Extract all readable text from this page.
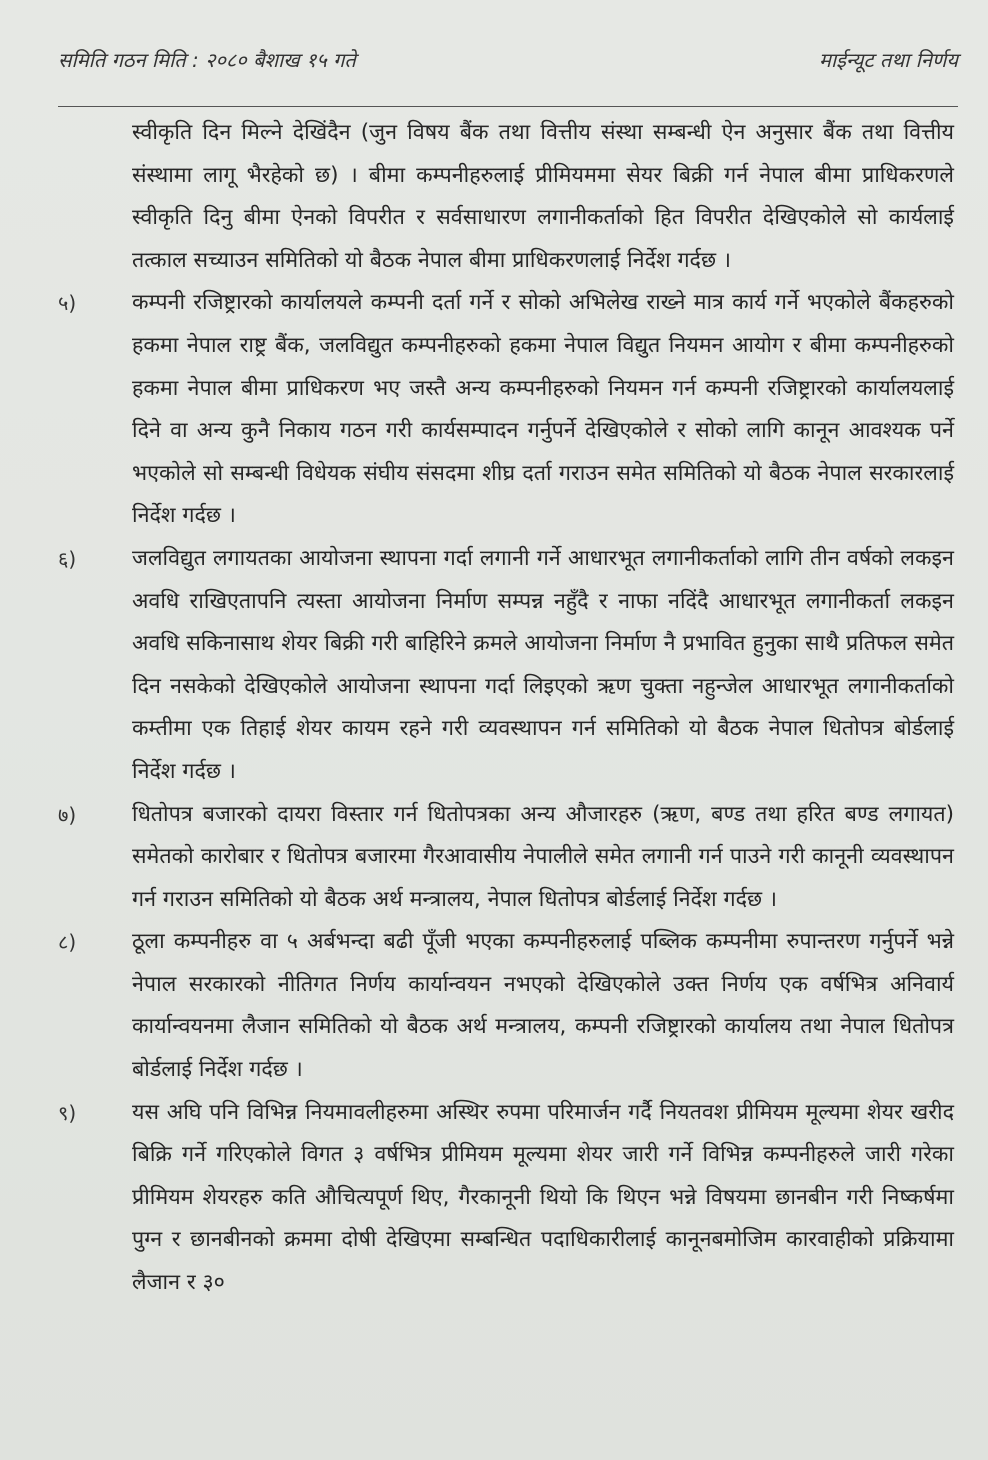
समिति गठन मिति : २०८० बैशाख १५ गते	माईन्यूट तथा निर्णय
स्वीकृति दिन मिल्ने देखिंदैन (जुन विषय बैंक तथा वित्तीय संस्था सम्बन्धी ऐन अनुसार बैंक तथा वित्तीय संस्थामा लागू भैरहेको छ) । बीमा कम्पनीहरुलाई प्रीमियममा सेयर बिक्री गर्न नेपाल बीमा प्राधिकरणले स्वीकृति दिनु बीमा ऐनको विपरीत र सर्वसाधारण लगानीकर्ताको हित विपरीत देखिएकोले सो कार्यलाई तत्काल सच्याउन समितिको यो बैठक नेपाल बीमा प्राधिकरणलाई निर्देश गर्दछ ।
५)	कम्पनी रजिष्ट्रारको कार्यालयले कम्पनी दर्ता गर्ने र सोको अभिलेख राख्ने मात्र कार्य गर्ने भएकोले बैंकहरुको हकमा नेपाल राष्ट्र बैंक, जलविद्युत कम्पनीहरुको हकमा नेपाल विद्युत नियमन आयोग र बीमा कम्पनीहरुको हकमा नेपाल बीमा प्राधिकरण भए जस्तै अन्य कम्पनीहरुको नियमन गर्न कम्पनी रजिष्ट्रारको कार्यालयलाई दिने वा अन्य कुनै निकाय गठन गरी कार्यसम्पादन गर्नुपर्ने देखिएकोले र सोको लागि कानून आवश्यक पर्ने भएकोले सो सम्बन्धी विधेयक संघीय संसदमा शीघ्र दर्ता गराउन समेत समितिको यो बैठक नेपाल सरकारलाई निर्देश गर्दछ ।
६)	जलविद्युत लगायतका आयोजना स्थापना गर्दा लगानी गर्ने आधारभूत लगानीकर्ताको लागि तीन वर्षको लकइन अवधि राखिएतापनि त्यस्ता आयोजना निर्माण सम्पन्न नहुँदै र नाफा नदिंदै आधारभूत लगानीकर्ता लकइन अवधि सकिनासाथ शेयर बिक्री गरी बाहिरिने क्रमले आयोजना निर्माण नै प्रभावित हुनुका साथै प्रतिफल समेत दिन नसकेको देखिएकोले आयोजना स्थापना गर्दा लिइएको ऋण चुक्ता नहुन्जेल आधारभूत लगानीकर्ताको कम्तीमा एक तिहाई शेयर कायम रहने गरी व्यवस्थापन गर्न समितिको यो बैठक नेपाल धितोपत्र बोर्डलाई निर्देश गर्दछ ।
७)	धितोपत्र बजारको दायरा विस्तार गर्न धितोपत्रका अन्य औजारहरु (ऋण, बण्ड तथा हरित बण्ड लगायत) समेतको कारोबार र धितोपत्र बजारमा गैरआवासीय नेपालीले समेत लगानी गर्न पाउने गरी कानूनी व्यवस्थापन गर्न गराउन समितिको यो बैठक अर्थ मन्त्रालय, नेपाल धितोपत्र बोर्डलाई निर्देश गर्दछ ।
८)	ठूला कम्पनीहरु वा ५ अर्बभन्दा बढी पूँजी भएका कम्पनीहरुलाई पब्लिक कम्पनीमा रुपान्तरण गर्नुपर्ने भन्ने नेपाल सरकारको नीतिगत निर्णय कार्यान्वयन नभएको देखिएकोले उक्त निर्णय एक वर्षभित्र अनिवार्य कार्यान्वयनमा लैजान समितिको यो बैठक अर्थ मन्त्रालय, कम्पनी रजिष्ट्रारको कार्यालय तथा नेपाल धितोपत्र बोर्डलाई निर्देश गर्दछ ।
९)	यस अघि पनि विभिन्न नियमावलीहरुमा अस्थिर रुपमा परिमार्जन गर्दै नियतवश प्रीमियम मूल्यमा शेयर खरीद बिक्रि गर्ने गरिएकोले विगत ३ वर्षभित्र प्रीमियम मूल्यमा शेयर जारी गर्ने विभिन्न कम्पनीहरुले जारी गरेका प्रीमियम शेयरहरु कति औचित्यपूर्ण थिए, गैरकानूनी थियो कि थिएन भन्ने विषयमा छानबीन गरी निष्कर्षमा पुग्न र छानबीनको क्रममा दोषी देखिएमा सम्बन्धित पदाधिकारीलाई कानूनबमोजिम कारवाहीको प्रक्रियामा लैजान र ३०
